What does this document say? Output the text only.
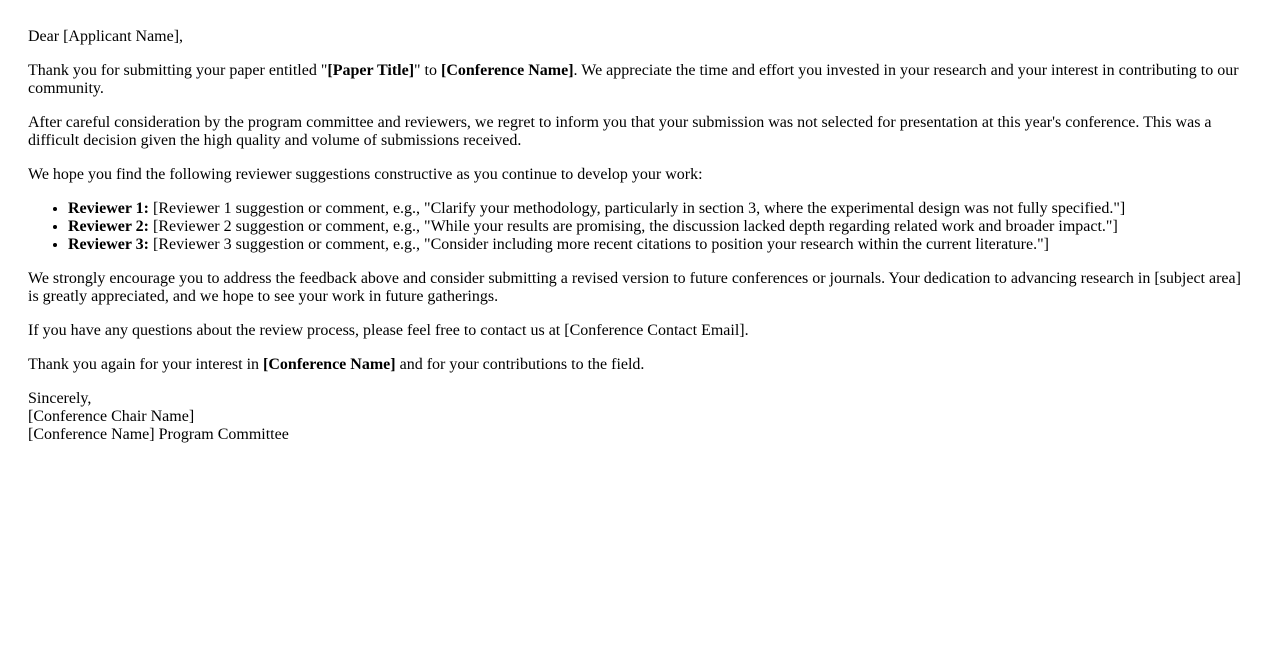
Dear [Applicant Name],

Thank you for submitting your paper entitled "[Paper Title]" to [Conference Name]. We appreciate the time and effort you invested in your research and your interest in contributing to our community.

After careful consideration by the program committee and reviewers, we regret to inform you that your submission was not selected for presentation at this year's conference. This was a difficult decision given the high quality and volume of submissions received.

We hope you find the following reviewer suggestions constructive as you continue to develop your work:

• Reviewer 1: [Reviewer 1 suggestion or comment, e.g., "Clarify your methodology, particularly in section 3, where the experimental design was not fully specified."]
• Reviewer 2: [Reviewer 2 suggestion or comment, e.g., "While your results are promising, the discussion lacked depth regarding related work and broader impact."]
• Reviewer 3: [Reviewer 3 suggestion or comment, e.g., "Consider including more recent citations to position your research within the current literature."]

We strongly encourage you to address the feedback above and consider submitting a revised version to future conferences or journals. Your dedication to advancing research in [subject area] is greatly appreciated, and we hope to see your work in future gatherings.

If you have any questions about the review process, please feel free to contact us at [Conference Contact Email].

Thank you again for your interest in [Conference Name] and for your contributions to the field.

Sincerely,
[Conference Chair Name]
[Conference Name] Program Committee
